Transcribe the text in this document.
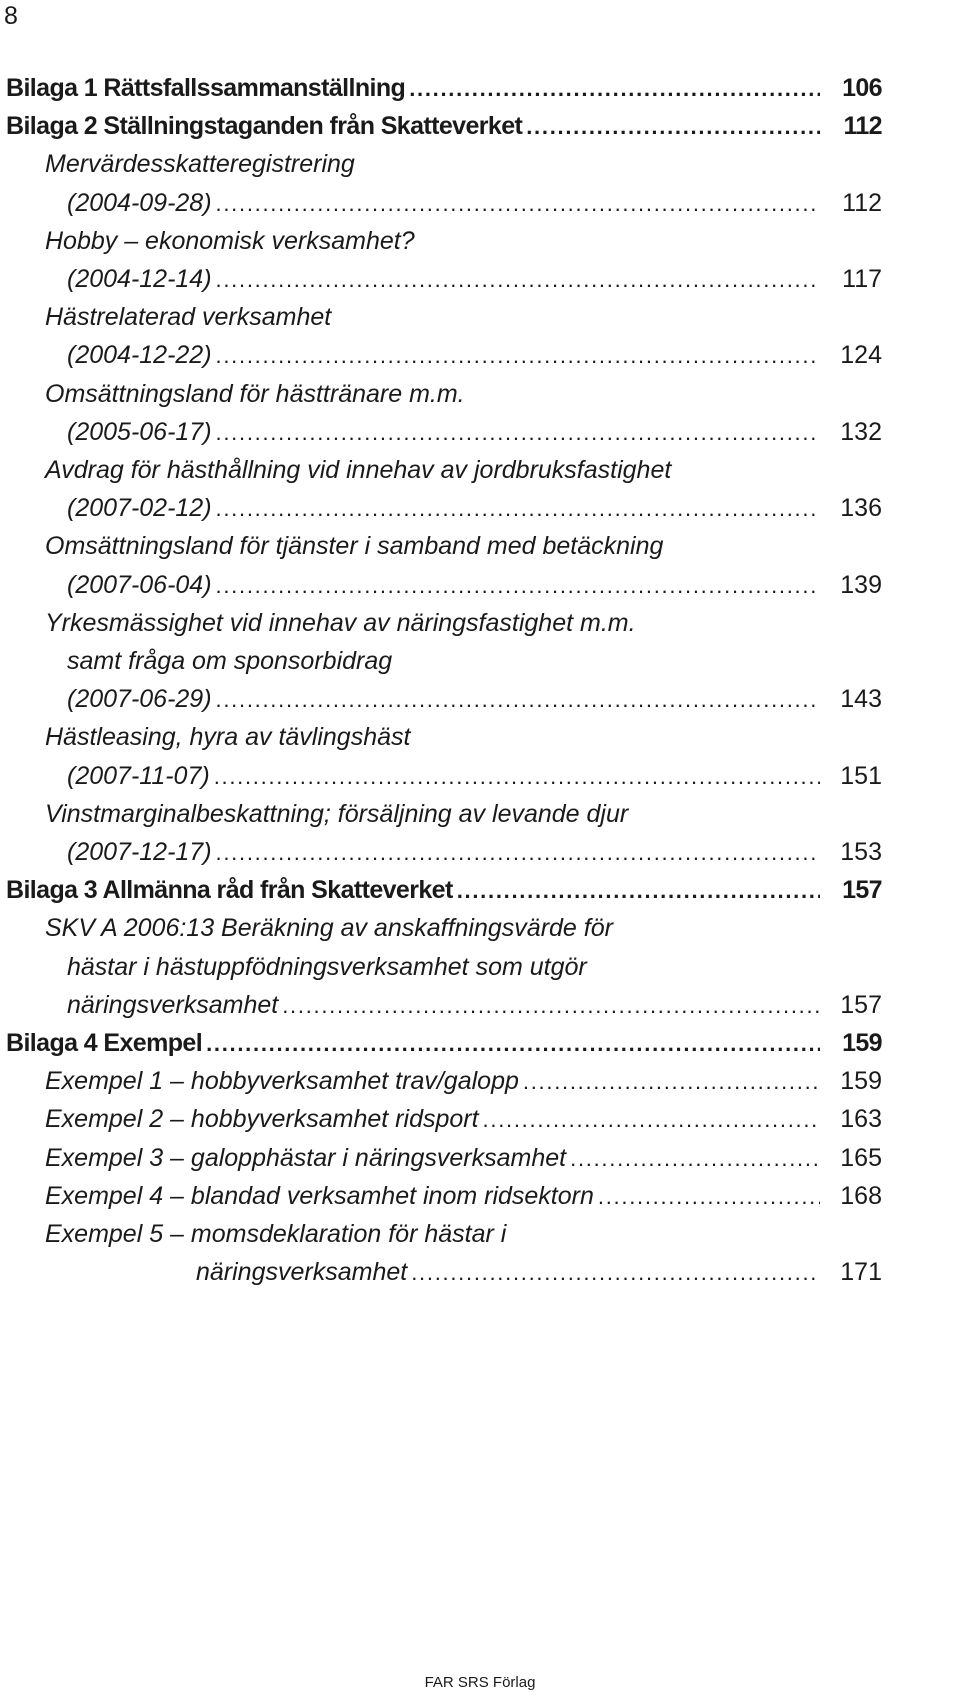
8
Bilaga 1 Rättsfallssammanställning . . .	106
Bilaga 2 Ställningstaganden från Skatteverket . . .	112
Mervärdesskatteregistrering
(2004-09-28) . . .	112
Hobby – ekonomisk verksamhet?
(2004-12-14) . . .	117
Hästrelaterad verksamhet
(2004-12-22) . . .	124
Omsättningsland för hästtränare m.m.
(2005-06-17) . . .	132
Avdrag för hästhållning vid innehav av jordbruksfastighet
(2007-02-12) . . .	136
Omsättningsland för tjänster i samband med betäckning
(2007-06-04) . . .	139
Yrkesmässighet vid innehav av näringsfastighet m.m.
samt fråga om sponsorbidrag
(2007-06-29) . . .	143
Hästleasing, hyra av tävlingshäst
(2007-11-07) . . .	151
Vinstmarginalbeskattning; försäljning av levande djur
(2007-12-17) . . .	153
Bilaga 3 Allmänna råd från Skatteverket . . .	157
SKV A 2006:13 Beräkning av anskaffningsvärde för
hästar i hästuppfödningsverksamhet som utgör
näringsverksamhet . . .	157
Bilaga 4 Exempel . . .	159
Exempel 1 – hobbyverksamhet trav/galopp . . .	159
Exempel 2 – hobbyverksamhet ridsport . . .	163
Exempel 3 – galopphästar i näringsverksamhet . . .	165
Exempel 4 – blandad verksamhet inom ridsektorn . . .	168
Exempel 5 – momsdeklaration för hästar i
näringsverksamhet . . .	171
FAR SRS Förlag
